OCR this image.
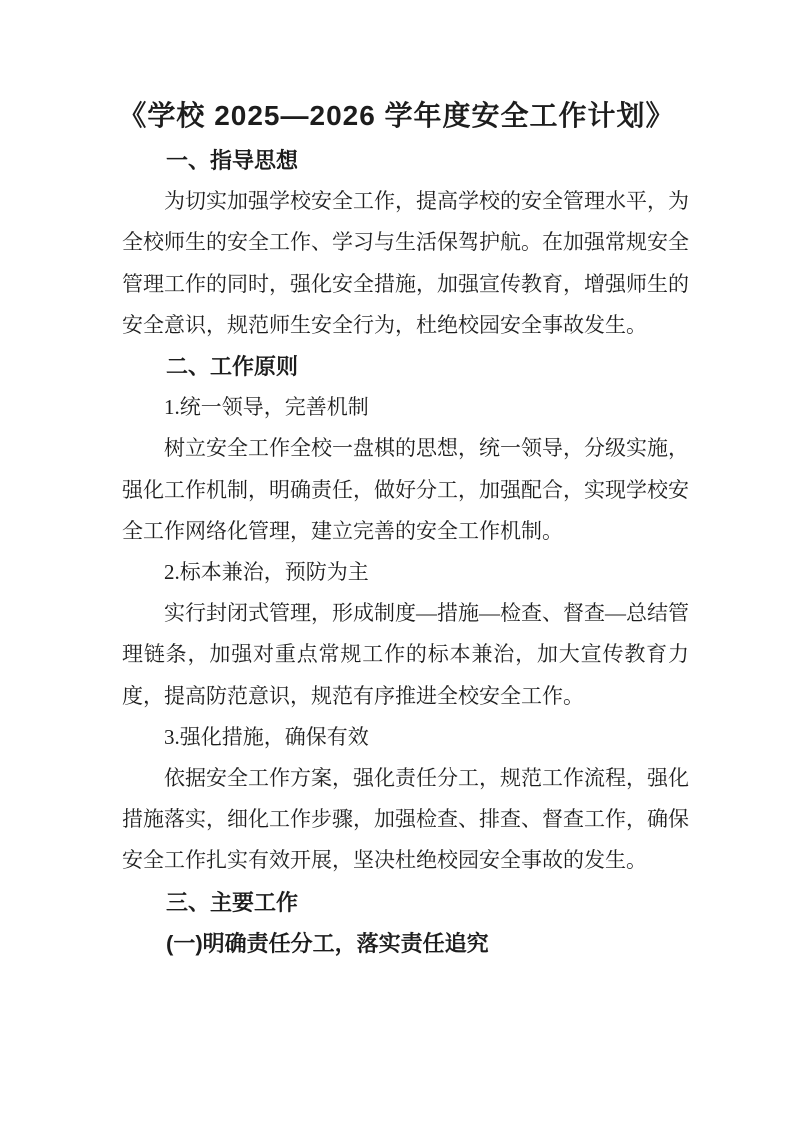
《学校 2025—2026 学年度安全工作计划》
一、指导思想

为切实加强学校安全工作，提高学校的安全管理水平，为全校师生的安全工作、学习与生活保驾护航。在加强常规安全管理工作的同时，强化安全措施，加强宣传教育，增强师生的安全意识，规范师生安全行为，杜绝校园安全事故发生。

二、工作原则

1.统一领导，完善机制

树立安全工作全校一盘棋的思想，统一领导，分级实施，强化工作机制，明确责任，做好分工，加强配合，实现学校安全工作网络化管理，建立完善的安全工作机制。

2.标本兼治，预防为主

实行封闭式管理，形成制度—措施—检查、督查—总结管理链条，加强对重点常规工作的标本兼治，加大宣传教育力度，提高防范意识，规范有序推进全校安全工作。

3.强化措施，确保有效

依据安全工作方案，强化责任分工，规范工作流程，强化措施落实，细化工作步骤，加强检查、排查、督查工作，确保安全工作扎实有效开展，坚决杜绝校园安全事故的发生。

三、主要工作
(一)明确责任分工，落实责任追究
